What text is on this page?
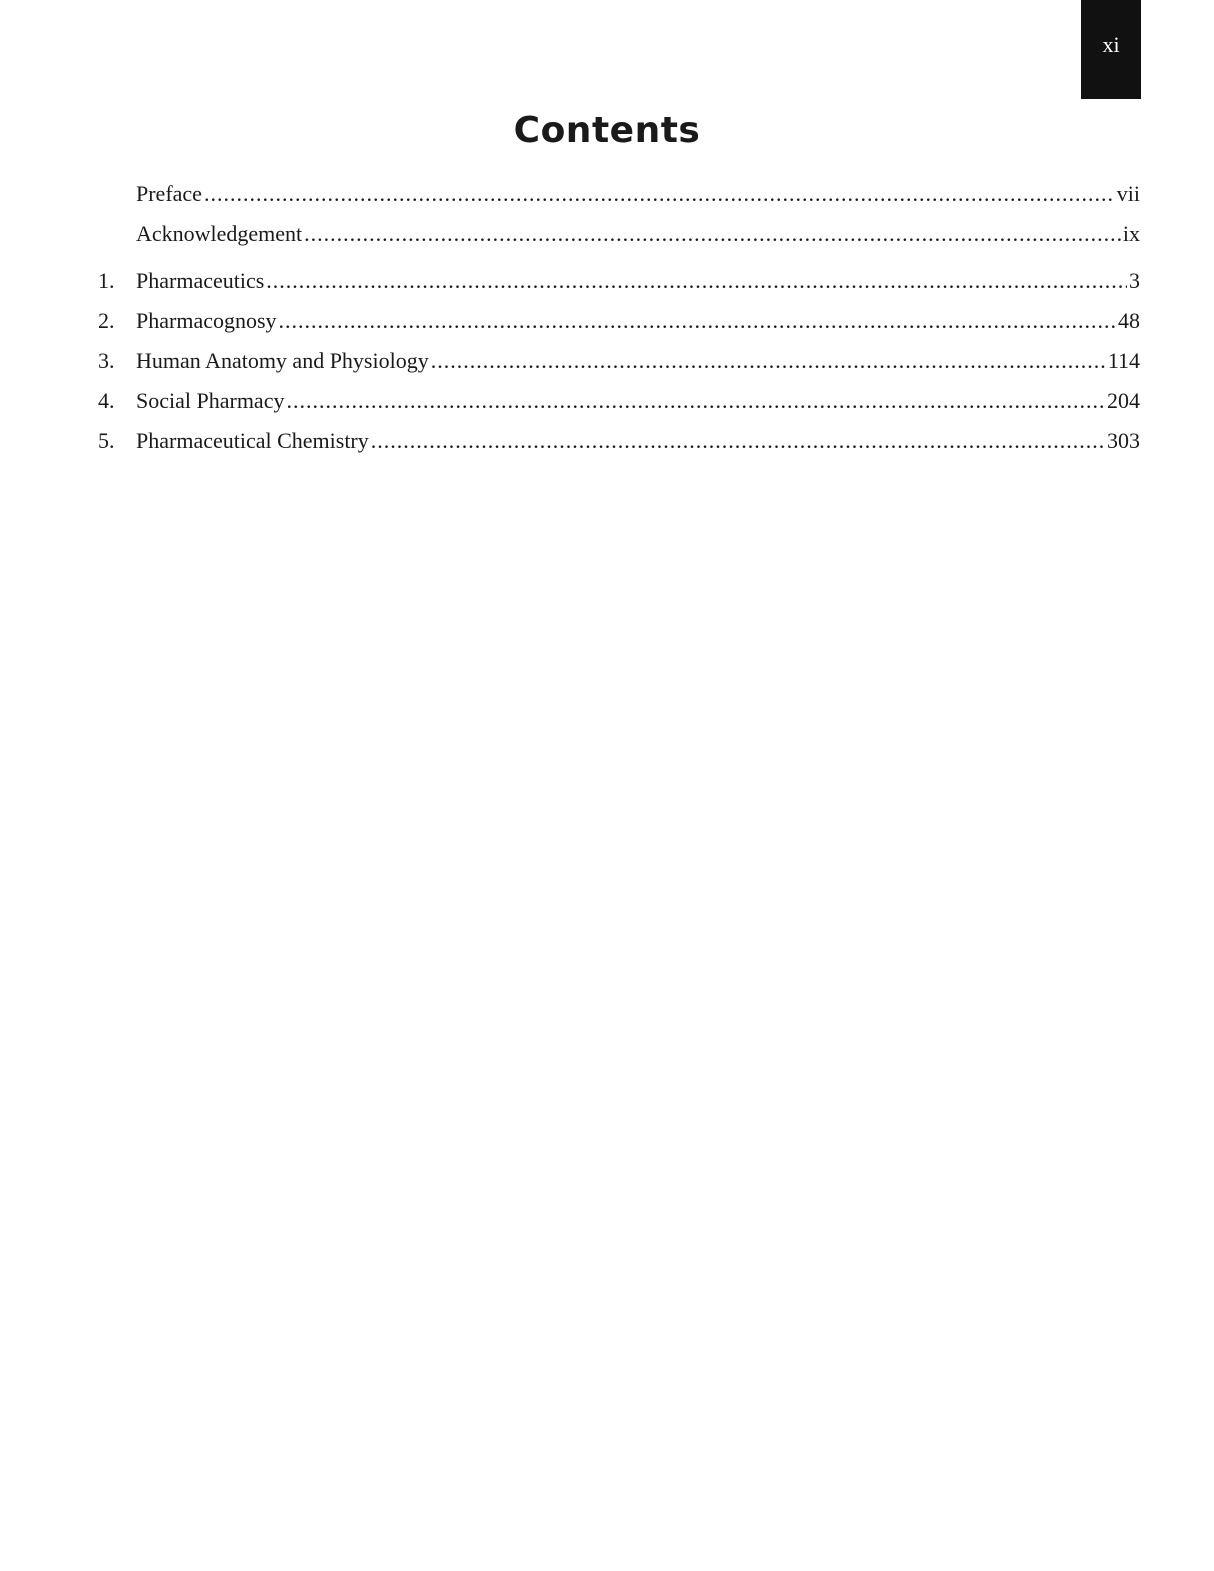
xi
Contents
Preface .....	vii
Acknowledgement .....	ix
1. Pharmaceutics .....	3
2. Pharmacognosy .....	48
3. Human Anatomy and Physiology .....	114
4. Social Pharmacy .....	204
5. Pharmaceutical Chemistry .....	303
